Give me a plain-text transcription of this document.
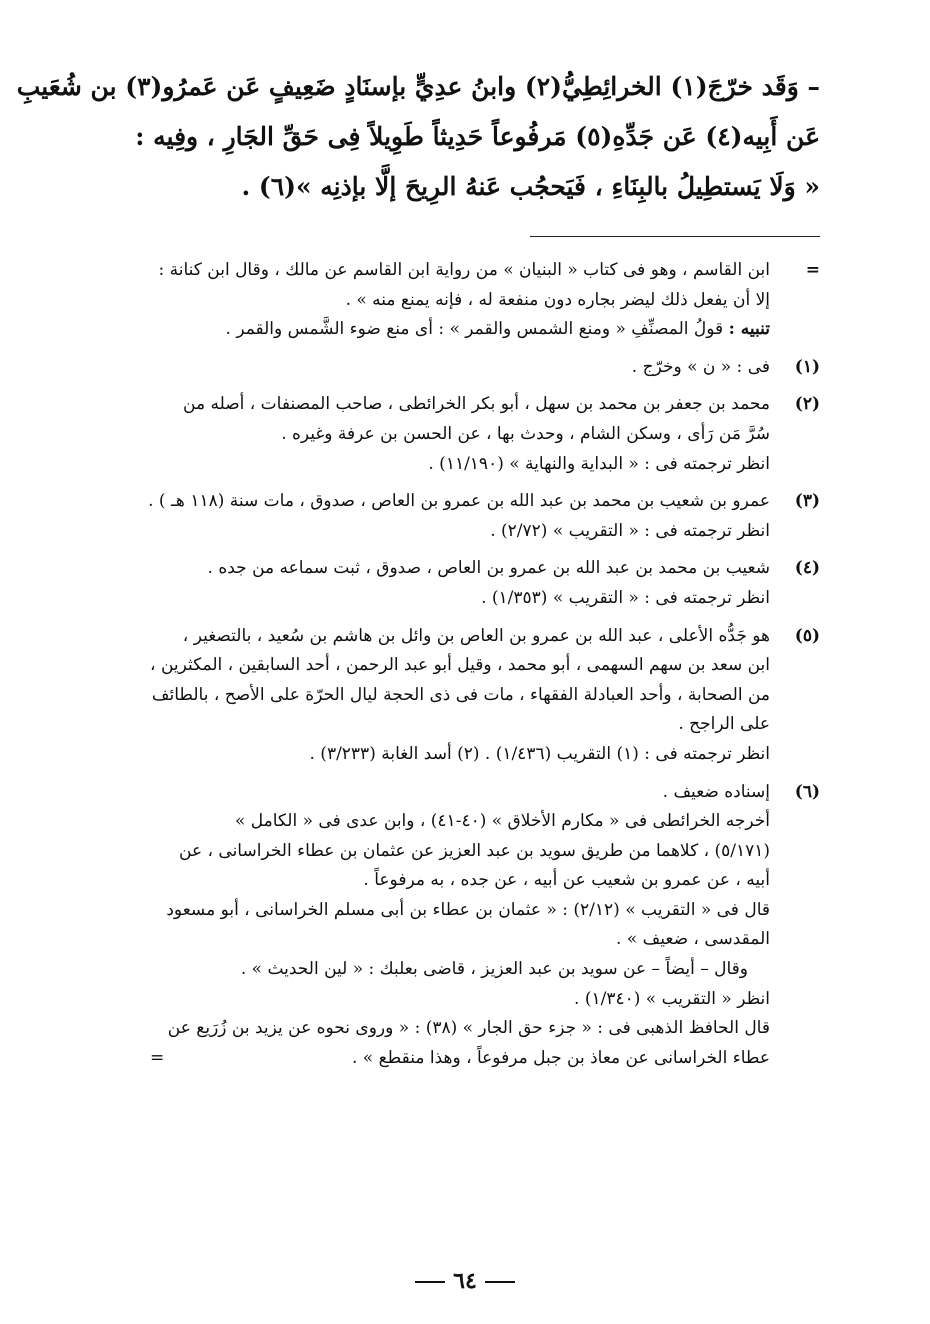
– وَقَد خرّجَ(١) الخرائِطِيُّ(٢) وابنُ عدِيٍّ بإسنَادٍ ضَعِيفٍ عَن عَمرُو(٣) بن شُعَيبِ
عَن أَبِيه(٤) عَن جَدِّهِ(٥) مَرفُوعاً حَدِيثاً طَوِيلاً فِى حَقِّ الجَارِ ، وفِيه :
« وَلَا يَستطِيلُ بالبِنَاءِ ، فَيَحجُب عَنهُ الرِيحَ إلَّا بإذنِه »(٦) .
=
ابن القاسم ، وهو فى كتاب « البنيان » من رواية ابن القاسم عن مالك ، وقال ابن كنانة :
إلا أن يفعل ذلك ليضر بجاره دون منفعة له ، فإنه يمنع منه » .
تنبيه : قولُ المصنِّفِ « ومنع الشمس والقمر » : أى منع ضوء الشَّمس والقمر .
(١)
فى : « ن » وخرّج .
(٢)
محمد بن جعفر بن محمد بن سهل ، أبو بكر الخرائطى ، صاحب المصنفات ، أصله من
سُرَّ مَن رَأى ، وسكن الشام ، وحدث بها ، عن الحسن بن عرفة وغيره .
انظر ترجمته فى : « البداية والنهاية » (١١/١٩٠) .
(٣)
عمرو بن شعيب بن محمد بن عبد الله بن عمرو بن العاص ، صدوق ، مات سنة (١١٨ هـ ) .
انظر ترجمته فى : « التقريب » (٢/٧٢) .
(٤)
شعيب بن محمد بن عبد الله بن عمرو بن العاص ، صدوق ، ثبت سماعه من جده .
انظر ترجمته فى : « التقريب » (١/٣٥٣) .
(٥)
هو جَدُّه الأعلى ، عبد الله بن عمرو بن العاص بن وائل بن هاشم بن سُعيد ، بالتصغير ،
ابن سعد بن سهم السهمى ، أبو محمد ، وقيل أبو عبد الرحمن ، أحد السابقين ، المكثرين ،
من الصحابة ، وأحد العبادلة الفقهاء ، مات فى ذى الحجة ليال الحرّة على الأصح ، بالطائف
على الراجح .
انظر ترجمته فى : (١) التقريب (١/٤٣٦) . (٢) أسد الغابة (٣/٢٣٣) .
(٦)
إسناده ضعيف .
أخرجه الخرائطى فى « مكارم الأخلاق » (٤٠-٤١) ، وابن عدى فى « الكامل »
(٥/١٧١) ، كلاهما من طريق سويد بن عبد العزيز عن عثمان بن عطاء الخراسانى ، عن
أبيه ، عن عمرو بن شعيب عن أبيه ، عن جده ، به مرفوعاً .
قال فى « التقريب » (٢/١٢) : « عثمان بن عطاء بن أبى مسلم الخراسانى ، أبو مسعود
المقدسى ، ضعيف » .
وقال – أيضاً – عن سويد بن عبد العزيز ، قاضى بعلبك : « لين الحديث » .
انظر « التقريب » (١/٣٤٠) .
قال الحافظ الذهبى فى : « جزء حق الجار » (٣٨) : « وروى نحوه عن يزيد بن زُرَيع عن
عطاء الخراسانى عن معاذ بن جبل مرفوعاً ، وهذا منقطع » .
=
٦٤
